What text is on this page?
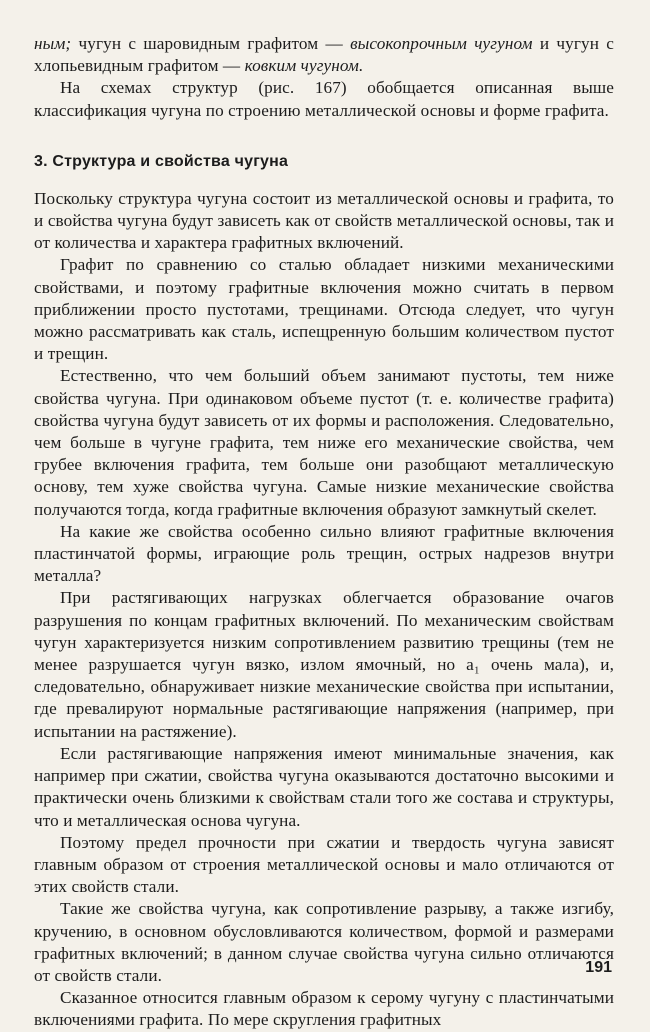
ным; чугун с шаровидным графитом — высокопрочным чугуном и чугун с хлопьевидным графитом — ковким чугуном.

На схемах структур (рис. 167) обобщается описанная выше классификация чугуна по строению металлической основы и форме графита.

3. Структура и свойства чугуна

Поскольку структура чугуна состоит из металлической основы и графита, то и свойства чугуна будут зависеть как от свойств металлической основы, так и от количества и характера графитных включений.

Графит по сравнению со сталью обладает низкими механическими свойствами, и поэтому графитные включения можно считать в первом приближении просто пустотами, трещинами. Отсюда следует, что чугун можно рассматривать как сталь, испещренную большим количеством пустот и трещин.

Естественно, что чем больший объем занимают пустоты, тем ниже свойства чугуна. При одинаковом объеме пустот (т. е. количестве графита) свойства чугуна будут зависеть от их формы и расположения. Следовательно, чем больше в чугуне графита, тем ниже его механические свойства, чем грубее включения графита, тем больше они разобщают металлическую основу, тем хуже свойства чугуна. Самые низкие механические свойства получаются тогда, когда графитные включения образуют замкнутый скелет.

На какие же свойства особенно сильно влияют графитные включения пластинчатой формы, играющие роль трещин, острых надрезов внутри металла?

При растягивающих нагрузках облегчается образование очагов разрушения по концам графитных включений. По механическим свойствам чугун характеризуется низким сопротивлением развитию трещины (тем не менее разрушается чугун вязко, излом ямочный, но a₁ очень мала), и, следовательно, обнаруживает низкие механические свойства при испытании, где превалируют нормальные растягивающие напряжения (например, при испытании на растяжение).

Если растягивающие напряжения имеют минимальные значения, как например при сжатии, свойства чугуна оказываются достаточно высокими и практически очень близкими к свойствам стали того же состава и структуры, что и металлическая основа чугуна.

Поэтому предел прочности при сжатии и твердость чугуна зависят главным образом от строения металлической основы и мало отличаются от этих свойств стали.

Такие же свойства чугуна, как сопротивление разрыву, а также изгибу, кручению, в основном обусловливаются количеством, формой и размерами графитных включений; в данном случае свойства чугуна сильно отличаются от свойств стали.

Сказанное относится главным образом к серому чугуну с пластинчатыми включениями графита. По мере скругления графитных

191
